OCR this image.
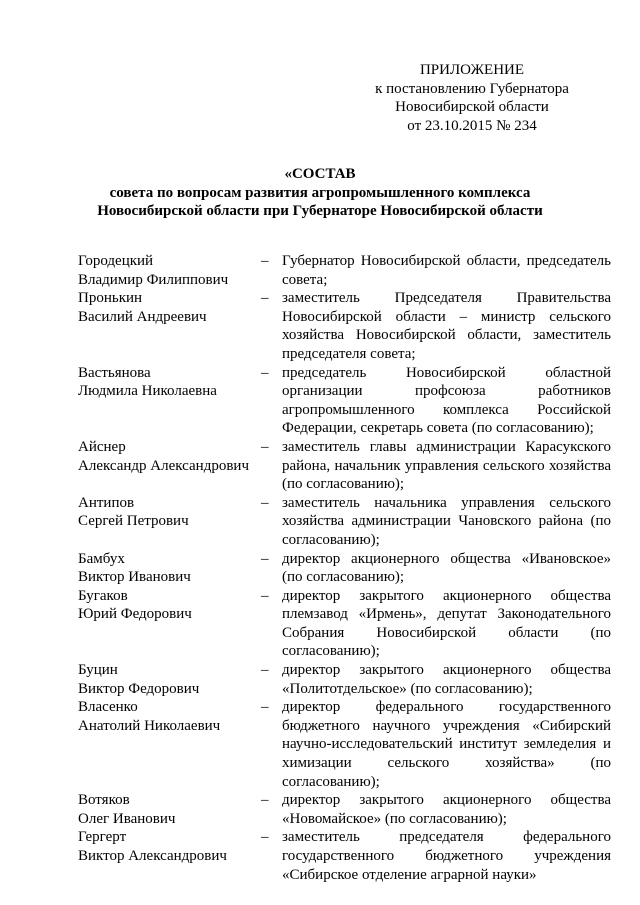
ПРИЛОЖЕНИЕ
к постановлению Губернатора
Новосибирской области
от 23.10.2015 № 234
«СОСТАВ
совета по вопросам развития агропромышленного комплекса
Новосибирской области при Губернаторе Новосибирской области
Городецкий
Владимир Филиппович
– Губернатор Новосибирской области, председатель совета;
Пронькин
Василий Андреевич
– заместитель Председателя Правительства Новосибирской области – министр сельского хозяйства Новосибирской области, заместитель председателя совета;
Вастьянова
Людмила Николаевна
– председатель Новосибирской областной организации профсоюза работников агропромышленного комплекса Российской Федерации, секретарь совета (по согласованию);
Айснер
Александр Александрович
– заместитель главы администрации Карасукского района, начальник управления сельского хозяйства (по согласованию);
Антипов
Сергей Петрович
– заместитель начальника управления сельского хозяйства администрации Чановского района (по согласованию);
Бамбух
Виктор Иванович
– директор акционерного общества «Ивановское» (по согласованию);
Бугаков
Юрий Федорович
– директор закрытого акционерного общества племзавод «Ирмень», депутат Законодательного Собрания Новосибирской области (по согласованию);
Буцин
Виктор Федорович
– директор закрытого акционерного общества «Политотдельское» (по согласованию);
Власенко
Анатолий Николаевич
– директор федерального государственного бюджетного научного учреждения «Сибирский научно-исследовательский институт земледелия и химизации сельского хозяйства» (по согласованию);
Вотяков
Олег Иванович
– директор закрытого акционерного общества «Новомайское» (по согласованию);
Гергерт
Виктор Александрович
– заместитель председателя федерального государственного бюджетного учреждения «Сибирское отделение аграрной науки»
